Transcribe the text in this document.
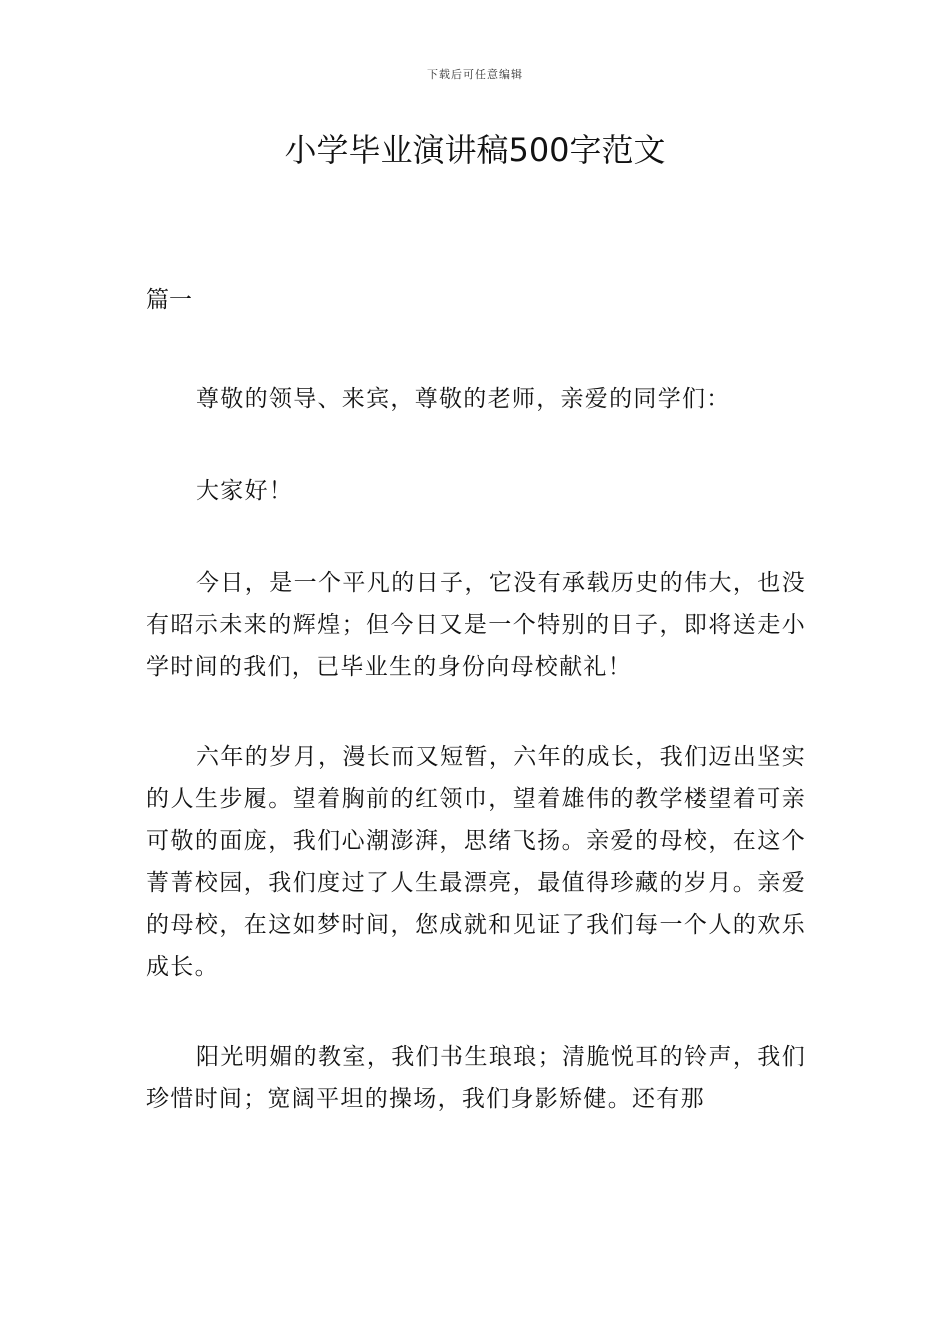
下载后可任意编辑
小学毕业演讲稿500字范文
篇一

尊敬的领导、来宾，尊敬的老师，亲爱的同学们：

大家好！

今日，是一个平凡的日子，它没有承载历史的伟大，也没有昭示未来的辉煌；但今日又是一个特别的日子，即将送走小学时间的我们，已毕业生的身份向母校献礼！

六年的岁月，漫长而又短暂，六年的成长，我们迈出坚实的人生步履。望着胸前的红领巾，望着雄伟的教学楼望着可亲可敬的面庞，我们心潮澎湃，思绪飞扬。亲爱的母校，在这个菁菁校园，我们度过了人生最漂亮，最值得珍藏的岁月。亲爱的母校，在这如梦时间，您成就和见证了我们每一个人的欢乐成长。

阳光明媚的教室，我们书生琅琅；清脆悦耳的铃声，我们珍惜时间；宽阔平坦的操场，我们身影矫健。还有那
